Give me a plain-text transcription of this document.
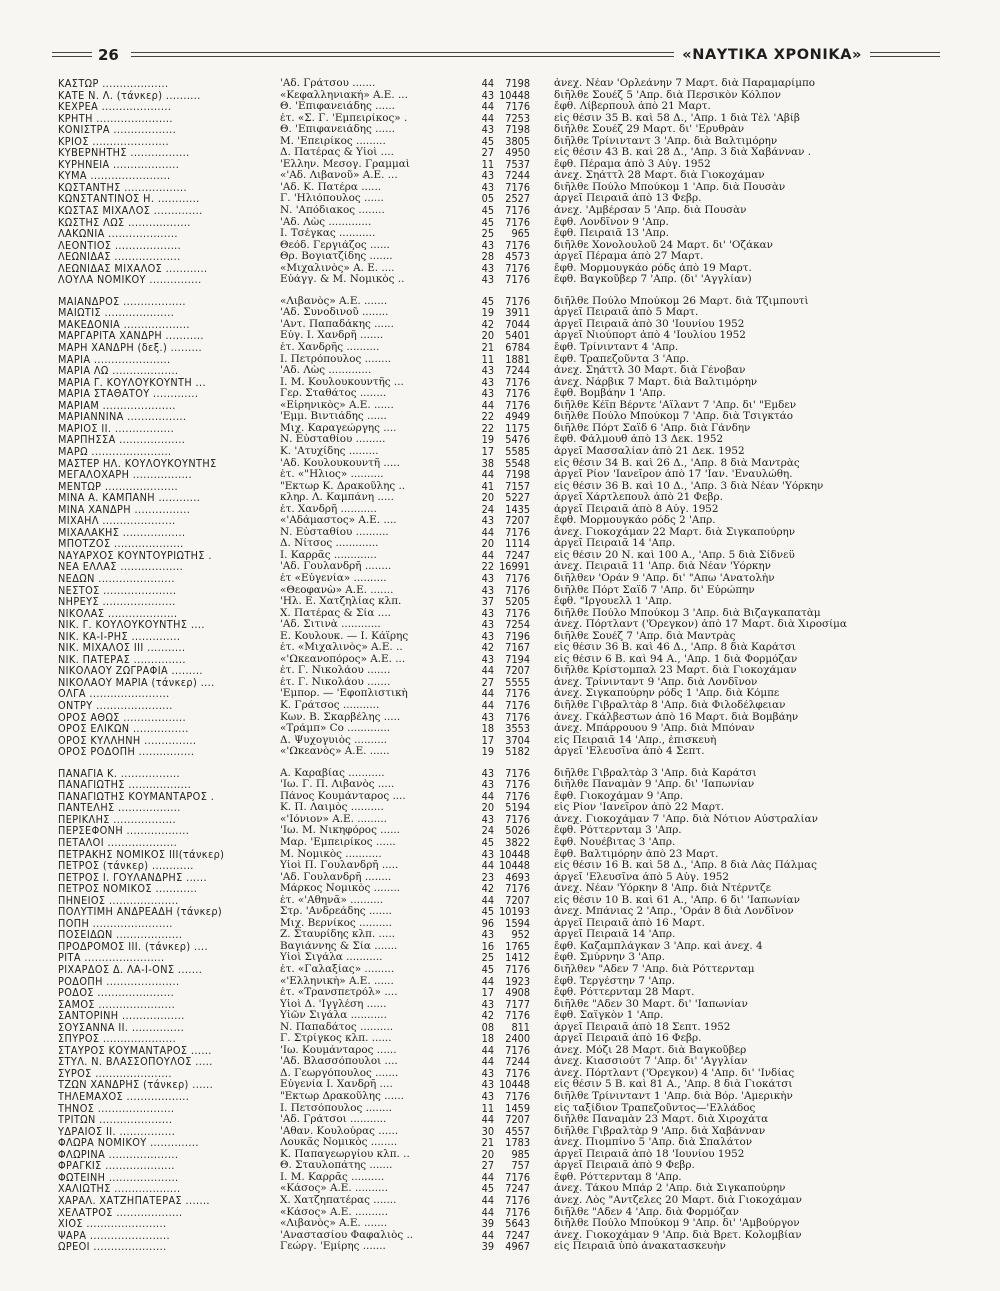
26	«ΝΑΥΤΙΚΑ ΧΡΟΝΙΚΑ»
ΚΑΣΤΩΡ ...................	'Αδ. Γράτσου .......	44	7198	ἀνεχ. Νέαν 'Ορλεάνην 7 Μαρτ. διὰ Παραμαρίμπο
ΚΑΤΕ Ν. Λ. (τάνκερ) ..........	«Κεφαλληνιακή» Α.Ε. ...	43 10448	διῆλθε Σουέζ 5 'Απρ. διὰ Περσικὸν Κόλπον
ΚΕΧΡΕΑ ....................	Θ. 'Επιφανειάδης ......	44	7176	ἔφθ. Λίβερπουλ ἀπὸ 21 Μαρτ.
ΚΡΗΤΗ ......................	ἐτ. «Σ. Γ. 'Εμπειρίκος» .	44	7253	εἰς θέσιν 35 Β. καὶ 58 Δ., 'Απρ. 1 διὰ Τὲλ 'Αβίβ
ΚΟΝΙΣΤΡΑ ..................	Θ. 'Επιφανειάδης ......	43	7198	διῆλθε Σουέζ 29 Μαρτ. δι' 'Ερυθρὰν
ΚΡΙΟΣ ......................	Μ. 'Επειρίκος .........	45	3805	διῆλθε Τρίνινταντ 3 'Απρ. διὰ Βαλτιμόρην
ΚΥΒΕΡΝΗΤΗΣ .................	Δ. Πατέρας & Υἱοὶ ....	27	4950	εἰς θέσιν 43 Β. καὶ 28 Δ., 'Απρ. 3 διὰ Χαβάνναν .
ΚΥΡΗΝΕΙΑ ...................	'Ελλην. Μεσογ. Γραμμαὶ	11	7537	ἔφθ. Πέραμα ἀπὸ 3 Αὐγ. 1952
ΚΥΜΑ .......................	«'Αδ. Λιβανοῦ» Α.Ε. ...	43	7244	ἀνεχ. Σηάττλ 28 Μαρτ. διὰ Γιοκοχάμαν
ΚΩΣΤΑΝΤΗΣ ..................	'Αδ. Κ. Πατέρα ......	43	7176	διῆλθε Πούλο Μπούκομ 1 'Απρ. διὰ Πουσὰν
ΚΩΝΣΤΑΝΤΙΝΟΣ Η. ............	Γ. 'Ηλιόπουλος ......	05	2527	ἀργεῖ Πειραιᾶ ἀπὸ 13 Φεβρ.
ΚΩΣΤΑΣ ΜΙΧΑΛΟΣ ..............	Ν. 'Απόδιακος ........	45	7176	ἀνεχ. 'Αμβέρσαν 5 'Απρ. διὰ Πουσὰν
ΚΩΣΤΗΣ ΛΩΣ ..................	'Αδ. Λὼς .............	45	7176	ἔφθ. Λονδῖνον 9 'Απρ.
ΛΑΚΩΝΙΑ ....................	Ι. Τσέγκας ...........	25	965	ἔφθ. Πειραιᾶ 13 'Απρ.
ΛΕΟΝΤΙΟΣ ...................	Θεόδ. Γεργιάζος ......	43	7176	διῆλθε Χονολουλοῦ 24 Μαρτ. δι' 'Οζάκαν
ΛΕΩΝΙΔΑΣ ...................	Θρ. Βογιατζίδης .......	28	4573	ἀργεῖ Πέραμα ἀπὸ 27 Μαρτ.
ΛΕΩΝΙΔΑΣ ΜΙΧΑΛΟΣ ............	«Μιχαλινὸς» Α. Ε. ....	43	7176	ἔφθ. Μορμουγκάο ρόδς ἀπὸ 19 Μαρτ.
ΛΟΥΛΑ ΝΟΜΙΚΟΥ ...............	Εὐάγγ. & Μ. Νομικὸς ..	43	7176	ἔφθ. Βαγκοῦβερ 7 'Απρ. (δι' 'Αγγλίαν)
ΜΑΙΑΝΔΡΟΣ ..................	«Λιβανὸς» Α.Ε. .......	45	7176	διῆλθε Πούλο Μπούκομ 26 Μαρτ. διὰ Τζιμπουτὶ
ΜΑΙΩΤΙΣ ....................	'Αδ. Συνοδινοῦ ........	19	3911	ἀργεῖ Πειραιᾶ ἀπὸ 5 Μαρτ.
ΜΑΚΕΔΟΝΙΑ ...................	'Αντ. Παπαδάκης ......	42	7044	ἀργεῖ Πειραιᾶ ἀπὸ 30 'Ιουνίου 1952
ΜΑΡΓΑΡΙΤΑ ΧΑΝΔΡΗ ...........	Εὐγ. Ι. Χανδρῆ .......	20	5401	ἀργεῖ Νιούπορτ ἀπὸ 4 'Ιουλίου 1952
ΜΑΡΗ ΧΑΝΔΡΗ (δεξ.) .........	ἐτ. Χανδρῆς ..........	21	6784	ἔφθ. Τρίνινταντ 4 'Απρ.
ΜΑΡΙΑ ......................	Ι. Πετρόπουλος ........	11	1881	ἔφθ. Τραπεζοῦντα 3 'Απρ.
ΜΑΡΙΑ ΛΩ ...................	'Αδ. Λὼς .............	43	7244	ἀνεχ. Σηάττλ 30 Μαρτ. διὰ Γένοβαν
ΜΑΡΙΑ Γ. ΚΟΥΛΟΥΚΟΥΝΤΗ ...	Ι. Μ. Κουλουκουντῆς ...	43	7176	ἀνεχ. Νάρβικ 7 Μαρτ. διὰ Βαλτιμόρην
ΜΑΡΙΑ ΣΤΑΘΑΤΟΥ .............	Γερ. Σταθάτος ........	43	7176	ἔφθ. Βομβάην 1 'Απρ.
ΜΑΡΙΑΜ .....................	«Εἰρηνικὸς» Α.Ε. ......	44	7176	διῆλθε Κέϊπ Βέρντε 'Αϊλαντ 7 'Απρ. δι' "Εμδεν
ΜΑΡΙΑΝΝΙΝΑ .................	'Εμμ. Βιντιάδης ......	22	4949	διῆλθε Πούλο Μπούκομ 7 'Απρ. διὰ Τσιγκτάο
ΜΑΡΙΟΣ ΙΙ. .................	Μιχ. Καραγεώργης ....	22	1175	διῆλθε Πόρτ Σαΐδ 6 'Απρ. διὰ Γάνδην
ΜΑΡΠΗΣΣΑ ...................	Ν. Εὐσταθίου .........	19	5476	ἔφθ. Φάλμουθ ἀπὸ 13 Δεκ. 1952
ΜΑΡΩ .......................	Κ. 'Ατυχίδης .........	17	5585	ἀργεῖ Μασσαλίαν ἀπὸ 21 Δεκ. 1952
ΜΑΣΤΕΡ ΗΛ. ΚΟΥΛΟΥΚΟΥΝΤΗΣ	'Αδ. Κουλουκουντῆ .....	38	5548	εἰς θέσιν 34 Β. καὶ 26 Δ., 'Απρ. 8 διὰ Μαντρὰς
ΜΕΓΑΛΟΧΑΡΗ .................	ἐτ. «"Ηλιος» ..........	44	7198	ἀργεῖ Ρίον 'Ιανεῖρον ἀπὸ 17 'Ιαν. 'Εναυλώθη.
ΜΕΝΤΩΡ .....................	"Εκτωρ Κ. Δρακοῦλης ..	41	7157	εἰς θέσιν 36 Β. καὶ 10 Δ., 'Απρ. 3 διὰ Νέαν 'Υόρκην
ΜΙΝΑ Α. ΚΑΜΠΑΝΗ ............	κληρ. Λ. Καμπάνη .....	20	5227	ἀργεῖ Χάρτλεπουλ ἀπὸ 21 Φεβρ.
ΜΙΝΑ ΧΑΝΔΡΗ ................	ἐτ. Χανδρῆ ...........	24	1435	ἀργεῖ Πειραιᾶ ἀπὸ 8 Αὐγ. 1952
ΜΙΧΑΗΛ .....................	«'Αδάμαστος» Α.Ε. ....	43	7207	ἔφθ. Μορμουγκάο ρόδς 2 'Απρ.
ΜΙΧΑΛΑΚΗΣ ..................	Ν. Εὐσταθίου ..........	44	7176	ἀνεχ. Γιοκοχάμαν 22 Μαρτ. διὰ Σιγκαπούρην
ΜΠΟΤΖΟΣ ....................	Δ. Νίτσος .............	20	1114	ἀργεῖ Πειραιᾶ 14 'Απρ.
ΝΑΥΑΡΧΟΣ ΚΟΥΝΤΟΥΡΙΩΤΗΣ .	Ι. Καρρᾶς .............	44	7247	εἰς θέσιν 20 Ν. καὶ 100 Α., 'Απρ. 5 διὰ Σίδνεϋ
ΝΕΑ ΕΛΛΑΣ ..................	'Αδ. Γουλανδρῆ ........	22 16991	ἀνεχ. Πειραιᾶ 11 'Απρ. διὰ Νέαν 'Υόρκην
ΝΕΔΩΝ ......................	ἐτ «Εὐγενία» ..........	43	7176	διῆλθεν 'Οράν 9 'Απρ. δι' "Απω 'Ανατολὴν
ΝΕΣΤΟΣ .....................	«Θεοφανὼ» Α.Ε. .......	43	7176	διῆλθε Πόρτ Σαΐδ 7 'Απρ. δι' Εὐρώπην
ΝΗΡΕΥΣ .....................	'Ηλ. Ε. Χατζηλίας κλπ.	37	5205	ἔφθ. "Ιργουελλ 1 'Απρ.
ΝΙΚΟΛΑΣ ....................	Χ. Πατέρας & Σία ....	43	7176	διῆλθε Πούλο Μπούκομ 3 'Απρ. διὰ Βιζαγκαπατὰμ
ΝΙΚ. Γ. ΚΟΥΛΟΥΚΟΥΝΤΗΣ ....	'Αδ. Σιτινὰ ............	43	7254	ἀνεχ. Πόρτλαντ ('Όρεγκον) ἀπὸ 17 Μαρτ. διὰ Χιροσίμα
ΝΙΚ. ΚΑ-Ι-ΡΗΣ ..............	Ε. Κουλουκ. — Ι. Κάϊρης	43	7196	διῆλθε Σουέζ 7 'Απρ. διὰ Μαντρὰς
ΝΙΚ. ΜΙΧΑΛΟΣ ΙΙΙ ...........	ἐτ. «Μιχαλινὸς» Α.Ε. ..	42	7167	εἰς θέσιν 36 Β. καὶ 46 Δ., 'Απρ. 8 διὰ Καράτσι
ΝΙΚ. ΠΑΤΕΡΑΣ ...............	«'Ωκεανοπόρος» Α.Ε. ...	43	7194	εἰς θέσιν 6 Β. καὶ 94 Α., 'Απρ. 1 διὰ Φορμόζαν
ΝΙΚΟΛΑΟΥ ΖΩΓΡΑΦΙΑ .........	ἐτ. Γ. Νικολάου .......	44	7207	διῆλθε Κρίστομπαλ 23 Μαρτ. διὰ Γιοκοχάμαν
ΝΙΚΟΛΑΟΥ ΜΑΡΙΑ (τάνκερ) ....	ἐτ. Γ. Νικολάου .......	27	5555	ἀνεχ. Τρίνινταντ 9 'Απρ. διὰ Λονδῖνον
ΟΛΓΑ .......................	'Εμπορ. — 'Εφοπλιστικὴ	44	7176	ἀνεχ. Σιγκαπούρην ρόδς 1 'Απρ. διὰ Κόμπε
ΟΝΤΡΥ ......................	Κ. Γράτσος ...........	44	7176	διῆλθε Γιβραλτὰρ 8 'Απρ. διὰ Φιλοδέλφειαν
ΟΡΟΣ ΑΘΩΣ ..................	Κων. Β. Σκαρβέλης .....	43	7176	ἀνεχ. Γκάλβεστων ἀπὸ 16 Μαρτ. διὰ Βομβάην
ΟΡΟΣ ΕΛΙΚΩΝ ................	«Τράμπ» Co .............	18	3553	ἀνεχ. Μπάρρουου 9 'Απρ. διὰ Μπόναν
ΟΡΟΣ ΚΥΛΛΗΝΗ ...............	Δ. Ψυχογυιὸς ..........	17	3704	εἰς Πειραιᾶ 14 'Απρ., ἐπισκευὴ
ΟΡΟΣ ΡΟΔΟΠΗ ................	«'Ωκεανὸς» Α.Ε. ......	19	5182	ἀργεῖ 'Ελευσῖνα ἀπὸ 4 Σεπτ.
ΠΑΝΑΓΙΑ Κ. .................	Α. Καραβίας ...........	43	7176	διῆλθε Γιβραλτὰρ 3 'Απρ. διὰ Καράτσι
ΠΑΝΑΓΙΩΤΗΣ ..................	'Ιω. Γ. Π. Λιβανὸς .....	43	7176	διῆλθε Παναμὰν 9 'Απρ. δι' 'Ιαπωνίαν
ΠΑΝΑΓΙΩΤΗΣ ΚΟΥΜΑΝΤΑΡΟΣ .	Πάνος Κουμάνταρος ....	44	7176	ἔφθ. Γιοκοχάμαν 9 'Απρ.
ΠΑΝΤΕΛΗΣ ..................	Κ. Π. Λαιμὸς ..........	20	5194	εἰς Ρίον 'Ιανεῖρον ἀπὸ 22 Μαρτ.
ΠΕΡΙΚΛΗΣ ..................	«'Ιόνιον» Α.Ε. .........	43	7176	ἀνεχ. Γιοκοχάμαν 7 'Απρ. διὰ Νότιον Αὐστραλίαν
ΠΕΡΣΕΦΟΝΗ ..................	'Ιω. Μ. Νικηφόρος ......	24	5026	ἔφθ. Ρόττερνταμ 3 'Απρ.
ΠΕΤΑΛΟΙ ....................	Μαρ. 'Εμπειρίκος ......	45	3822	ἔφθ. Νουέβιτας 3 'Απρ.
ΠΕΤΡΑΚΗΣ ΝΟΜΙΚΟΣ ΙΙΙ(τάνκερ)	Μ. Νομικὸς ...........	43 10448	ἔφθ. Βαλτιμόρην ἀπὸ 23 Μαρτ.
ΠΕΤΡΟΣ (τάνκερ) ............	Υἱοὶ Π. Γουλανδρῆ .....	44 10448	εἰς θέσιν 16 Β. καὶ 58 Δ., 'Απρ. 8 διὰ Λὰς Πάλμας
ΠΕΤΡΟΣ Ι. ΓΟΥΛΑΝΔΡΗΣ ......	'Αδ. Γουλανδρῆ ........	23	4693	ἀργεῖ 'Ελευσῖνα ἀπὸ 5 Αὐγ. 1952
ΠΕΤΡΟΣ ΝΟΜΙΚΟΣ ............	Μάρκος Νομικὸς ........	42	7176	ἀνεχ. Νέαν 'Υόρκην 8 'Απρ. διὰ Ντέρντζε
ΠΗΝΕΙΟΣ ....................	ἐτ. «'Αθηνᾶ» ..........	44	7207	εἰς θέσιν 10 Β. καὶ 61 Α., 'Απρ. 6 δι' 'Ιαπωνίαν
ΠΟΛΥΤΙΜΗ ΑΝΔΡΕΑΔΗ (τάνκερ)	Στρ. 'Ανδρεάδης .......	45 10193	ἀνεχ. Μπάνιας 2 'Απρ., 'Οράν 8 διὰ Λονδῖνον
ΠΟΠΗ .......................	Μιχ. Βερνίκος ..........	96	1594	ἀργεῖ Πειραιᾶ ἀπὸ 16 Μαρτ.
ΠΟΣΕΙΔΩΝ ...................	Ζ. Σταυρίδης κλπ. .....	43	952	ἀργεῖ Πειραιᾶ 14 'Απρ.
ΠΡΟΔΡΟΜΟΣ ΙΙΙ. (τάνκερ) ....	Βαγιάννης & Σία .......	16	1765	ἔφθ. Καζαμπλάγκαν 3 'Απρ. καὶ ἀνεχ. 4
ΡΙΤΑ .......................	Υἱοὶ Σιγάλα ...........	25	1412	ἔφθ. Σμύρνην 3 'Απρ.
ΡΙΧΑΡΔΟΣ Δ. ΛΑ-Ι-ΟΝΣ .......	ἐτ. «Γαλαξίας» .........	45	7176	διῆλθεν "Αδεν 7 'Απρ. διὰ Ρόττερνταμ
ΡΟΔΟΠΗ .....................	«'Ελληνικὴ» Α.Ε. ......	44	1923	ἔφθ. Τεργέστην 7 'Απρ.
ΡΟΔΟΣ ......................	ἐτ. «Τρανσπετρόλ» ....	17	4908	ἔφθ. Ρόττερνταμ 28 Μαρτ.
ΣΑΜΟΣ ......................	Υἱοὶ Δ. 'Ιγγλέση ......	43	7177	διῆλθε "Αδεν 30 Μαρτ. δι' 'Ιαπωνίαν
ΣΑΝΤΟΡΙΝΗ ..................	Υἱῶν Σιγάλα ...........	42	7176	ἔφθ. Σαϊγκὸν 1 'Απρ.
ΣΟΥΣΑΝΝΑ ΙΙ. ...............	Ν. Παπαδάτος ..........	08	811	ἀργεῖ Πειραιᾶ ἀπὸ 18 Σεπτ. 1952
ΣΠΥΡΟΣ .....................	Γ. Στρίγκος κλπ. ......	18	2400	ἀργεῖ Πειραιᾶ ἀπὸ 16 Φεβρ.
ΣΤΑΥΡΟΣ ΚΟΥΜΑΝΤΑΡΟΣ ......	'Ιω. Κουμάνταρος ......	44	7176	ἀνεχ. Μόζι 28 Μαρτ. διὰ Βαγκοῦβερ
ΣΤΥΛ. Ν. ΒΛΑΣΣΟΠΟΥΛΟΣ .....	'Αδ. Βλασσόπουλοι ....	44	7244	ἀνεχ. Κιασσιούτ 7 'Απρ. δι' 'Αγγλίαν
ΣΥΡΟΣ ......................	Δ. Γεωργόπουλος .......	43	7176	ἀνεχ. Πόρτλαντ ('Όρεγκον) 4 'Απρ. δι' 'Ινδίας
ΤΖΩΝ ΧΑΝΔΡΗΣ (τάνκερ) ......	Εὐγενία Ι. Χανδρῆ ....	43 10448	εἰς θέσιν 5 Β. καὶ 81 Α., 'Απρ. 8 διὰ Γιοκάτσι
ΤΗΛΕΜΑΧΟΣ ..................	"Εκτωρ Δρακοῦλης ......	43	7176	διῆλθε Τρίνινταντ 1 'Απρ. διὰ Βόρ. 'Αμερικὴν
ΤΗΝΟΣ ......................	Ι. Πετσόπουλος ........	11	1459	εἰς ταξίδιον Τραπεζοῦντος—'Ελλάδος
ΤΡΙΤΩΝ .....................	'Αδ. Γράτσοι ...........	44	7207	διῆλθε Παναμὰν 23 Μαρτ. διὰ Χιροχάτα
ΥΔΡΑΙΟΣ ΙΙ. ................	'Αθαν. Κουλούρας ......	30	4557	διῆλθε Γιβραλτὰρ 9 'Απρ. διὰ Χαβάνναν
ΦΛΩΡΑ ΝΟΜΙΚΟΥ ..............	Λουκᾶς Νομικὸς ........	21	1783	ἀνεχ. Πιομπίνο 5 'Απρ. διὰ Σπαλάτον
ΦΛΩΡΙΝΑ ....................	Κ. Παπαγεωργίου κλπ. ..	20	985	ἀργεῖ Πειραιᾶ ἀπὸ 18 'Ιουνίου 1952
ΦΡΑΓΚΙΣ ....................	Θ. Σταυλοπάτης .......	27	757	ἀργεῖ Πειραιᾶ ἀπὸ 9 Φεβρ.
ΦΩΤΕΙΝΗ ....................	Ι. Μ. Καρρᾶς ..........	44	7176	ἔφθ. Ρόττερνταμ 8 'Απρ.
ΧΑΛΙΩΤΗΣ ...................	«Κάσος» Α.Ε. ..........	45	7247	ἀνεχ. Τάκου Μπάρ 2 'Απρ. διὰ Σιγκαπούρην
ΧΑΡΑΛ. ΧΑΤΖΗΠΑΤΕΡΑΣ .......	Χ. Χατζηπατέρας .......	44	7176	ἀνεχ. Λὸς "Αντζελες 20 Μαρτ. διὰ Γιοκοχάμαν
ΧΕΛΑΤΡΟΣ ...................	«Κάσος» Α.Ε. ..........	44	7176	διῆλθε "Αδεν 4 'Απρ. διὰ Φορμόζαν
ΧΙΟΣ .......................	«Λιβανὸς» Α.Ε. .......	39	5643	διῆλθε Πούλο Μπούκομ 9 'Απρ. δι' 'Αμβούργον
ΨΑΡΑ .......................	'Αναστασίου Φαφαλιὸς ..	44	7247	ἀνεχ. Γιοκοχάμαν 9 'Απρ. διὰ Βρετ. Κολομβίαν
ΩΡΕΟΙ .....................	Γεώργ. 'Εμίρης .......	39	4967	εἰς Πειραιᾶ ὑπὸ ἀνακατασκευὴν
